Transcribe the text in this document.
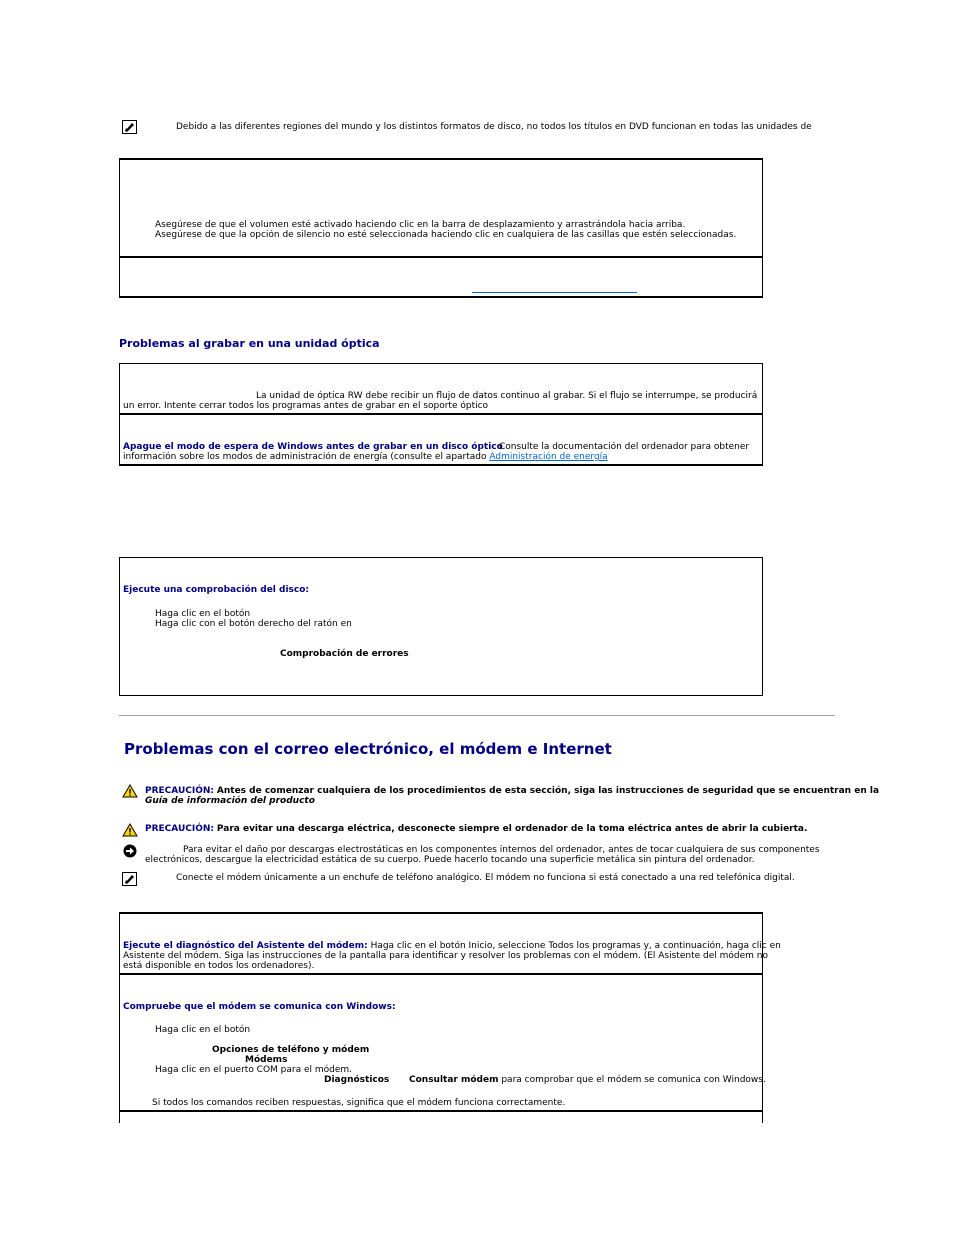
Debido a las diferentes regiones del mundo y los distintos formatos de disco, no todos los títulos en DVD funcionan en todas las unidades de
Asegúrese de que el volumen esté activado haciendo clic en la barra de desplazamiento y arrastrándola hacia arriba.
Asegúrese de que la opción de silencio no esté seleccionada haciendo clic en cualquiera de las casillas que estén seleccionadas.
Problemas al grabar en una unidad óptica
La unidad de óptica RW debe recibir un flujo de datos continuo al grabar. Si el flujo se interrumpe, se producirá
un error. Intente cerrar todos los programas antes de grabar en el soporte óptico
Apague el modo de espera de Windows antes de grabar en un disco óptico
Consulte la documentación del ordenador para obtener
información sobre los modos de administración de energía (consulte el apartado Administración de energía
Ejecute una comprobación del disco:
Haga clic en el botón
Haga clic con el botón derecho del ratón en
Comprobación de errores
Problemas con el correo electrónico, el módem e Internet
PRECAUCIÓN: Antes de comenzar cualquiera de los procedimientos de esta sección, siga las instrucciones de seguridad que se encuentran en la
Guía de información del producto
PRECAUCIÓN: Para evitar una descarga eléctrica, desconecte siempre el ordenador de la toma eléctrica antes de abrir la cubierta.
Para evitar el daño por descargas electrostáticas en los componentes internos del ordenador, antes de tocar cualquiera de sus componentes
electrónicos, descargue la electricidad estática de su cuerpo. Puede hacerlo tocando una superficie metálica sin pintura del ordenador.
Conecte el módem únicamente a un enchufe de teléfono analógico. El módem no funciona si está conectado a una red telefónica digital.
Ejecute el diagnóstico del Asistente del módem: Haga clic en el botón Inicio, seleccione Todos los programas y, a continuación, haga clic en
Asistente del módem. Siga las instrucciones de la pantalla para identificar y resolver los problemas con el módem. (El Asistente del módem no
está disponible en todos los ordenadores).
Compruebe que el módem se comunica con Windows:
Haga clic en el botón
Opciones de teléfono y módem
Módems
Haga clic en el puerto COM para el módem.
Diagnósticos Consultar módem para comprobar que el módem se comunica con Windows.
Si todos los comandos reciben respuestas, significa que el módem funciona correctamente.
